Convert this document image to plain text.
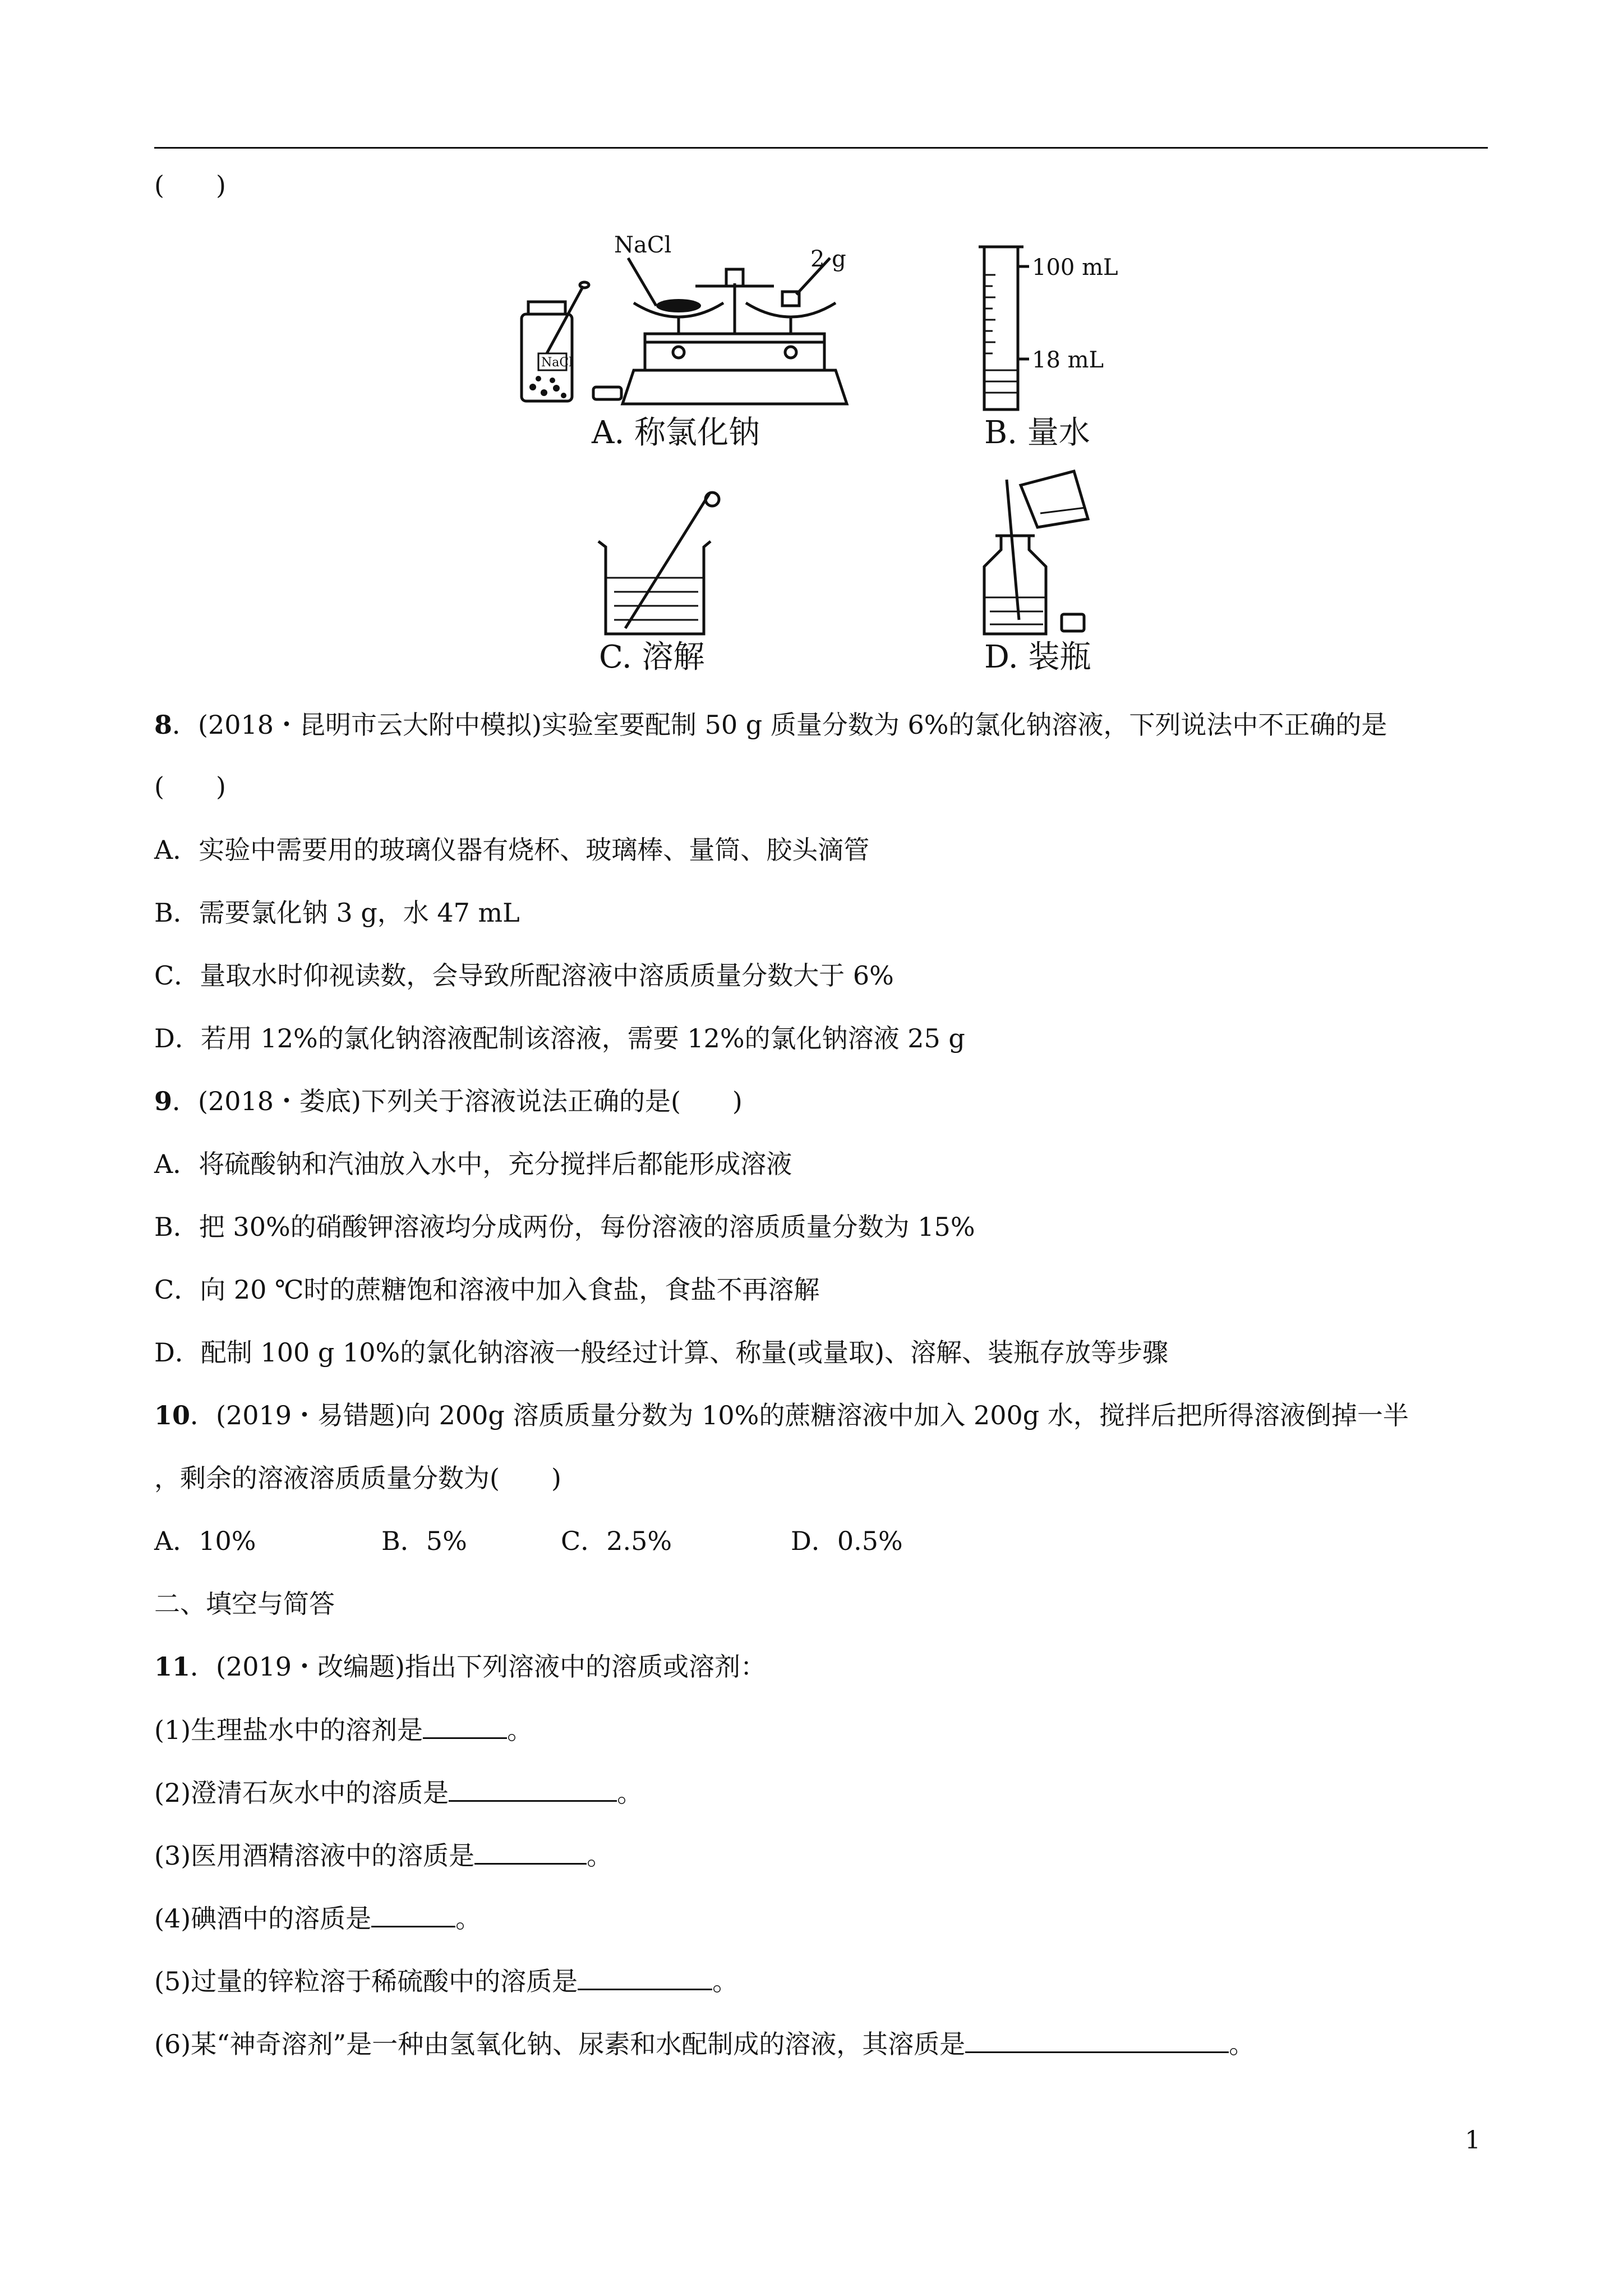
(　　)
NaCl
NaCl
2 g
A. 称氯化钠
100 mL
18 mL
B. 量水
C. 溶解	D. 装瓶
8．(2018・昆明市云大附中模拟)实验室要配制 50 g 质量分数为 6%的氯化钠溶液，下列说法中不正确的是
(　　)
A．实验中需要用的玻璃仪器有烧杯、玻璃棒、量筒、胶头滴管
B．需要氯化钠 3 g，水 47 mL
C．量取水时仰视读数，会导致所配溶液中溶质质量分数大于 6%
D．若用 12%的氯化钠溶液配制该溶液，需要 12%的氯化钠溶液 25 g
9．(2018・娄底)下列关于溶液说法正确的是(　　)
A．将硫酸钠和汽油放入水中，充分搅拌后都能形成溶液
B．把 30%的硝酸钾溶液均分成两份，每份溶液的溶质质量分数为 15%
C．向 20 ℃时的蔗糖饱和溶液中加入食盐，食盐不再溶解
D．配制 100 g 10%的氯化钠溶液一般经过计算、称量(或量取)、溶解、装瓶存放等步骤
10．(2019・易错题)向 200g 溶质质量分数为 10%的蔗糖溶液中加入 200g 水，搅拌后把所得溶液倒掉一半
，剩余的溶液溶质质量分数为(　　)
A．10%	B．5%	C．2.5%	D．0.5%
二、填空与简答
11．(2019・改编题)指出下列溶液中的溶质或溶剂：
(1)生理盐水中的溶剂是	。
(2)澄清石灰水中的溶质是	。
(3)医用酒精溶液中的溶质是	。
(4)碘酒中的溶质是	。
(5)过量的锌粒溶于稀硫酸中的溶质是	。
(6)某“神奇溶剂”是一种由氢氧化钠、尿素和水配制成的溶液，其溶质是	。
1
